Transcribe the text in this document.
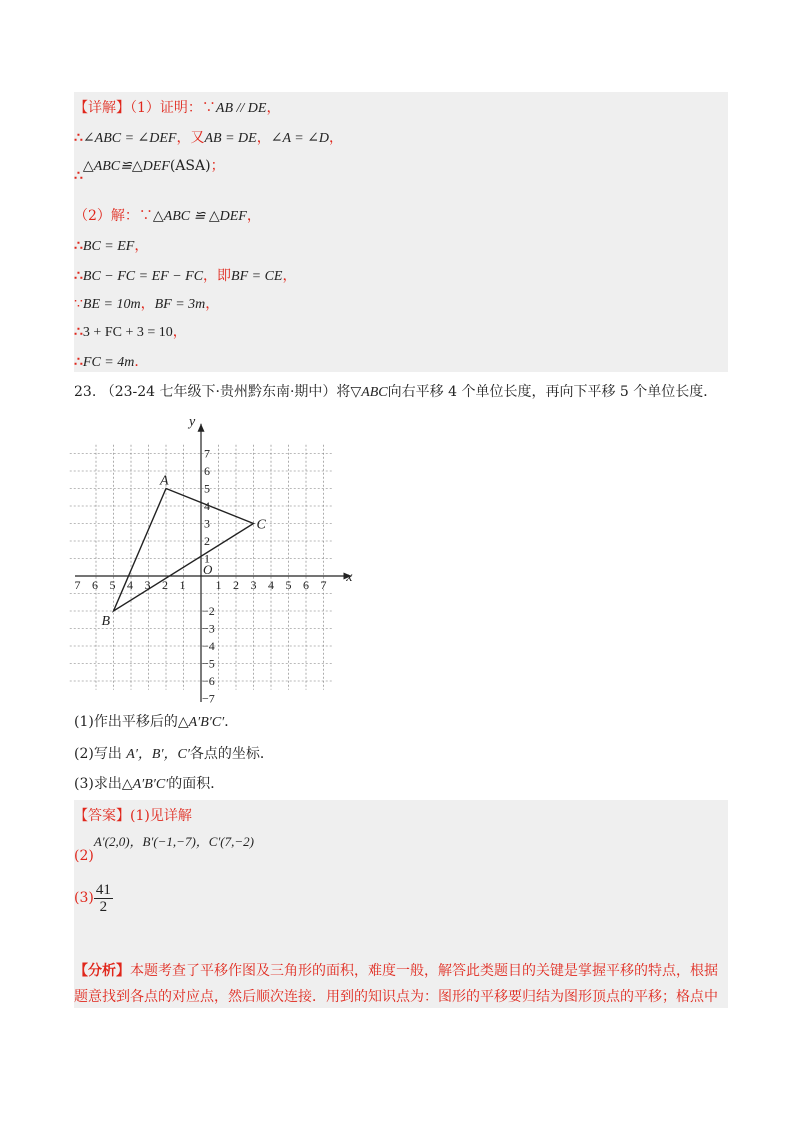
【详解】（1）证明：∵AB // DE，
∴∠ABC = ∠DEF，又AB = DE，∠A = ∠D，
∴△ABC≌△DEF(ASA)；
（2）解：∵△ABC ≌ △DEF，
∴BC = EF，
∴BC − FC = EF − FC，即BF = CE，
∵BE = 10m，BF = 3m，
∴3 + FC + 3 = 10，
∴FC = 4m．
23. （23-24 七年级下·贵州黔东南·期中）将▽ABC向右平移 4 个单位长度，再向下平移 5 个单位长度．
x
y
O
7 6 5 4 3 2 1	1 2 3 4 5 6 7
7
6
5
4
3
2
1
−2
−3
−4
−5
−6
−7
A
B
C
(1)作出平移后的△A′B′C′．
(2)写出 A′，B′，C′各点的坐标．
(3)求出△A′B′C′的面积．
【答案】(1)见详解
(2)A′(2,0)，B′(−1,−7)，C′(7,−2)
$(3) \frac{41}{2}$
【分析】本题考查了平移作图及三角形的面积，难度一般，解答此类题目的关键是掌握平移的特点，根据题意找到各点的对应点，然后顺次连接．用到的知识点为：图形的平移要归结为图形顶点的平移；格点中
